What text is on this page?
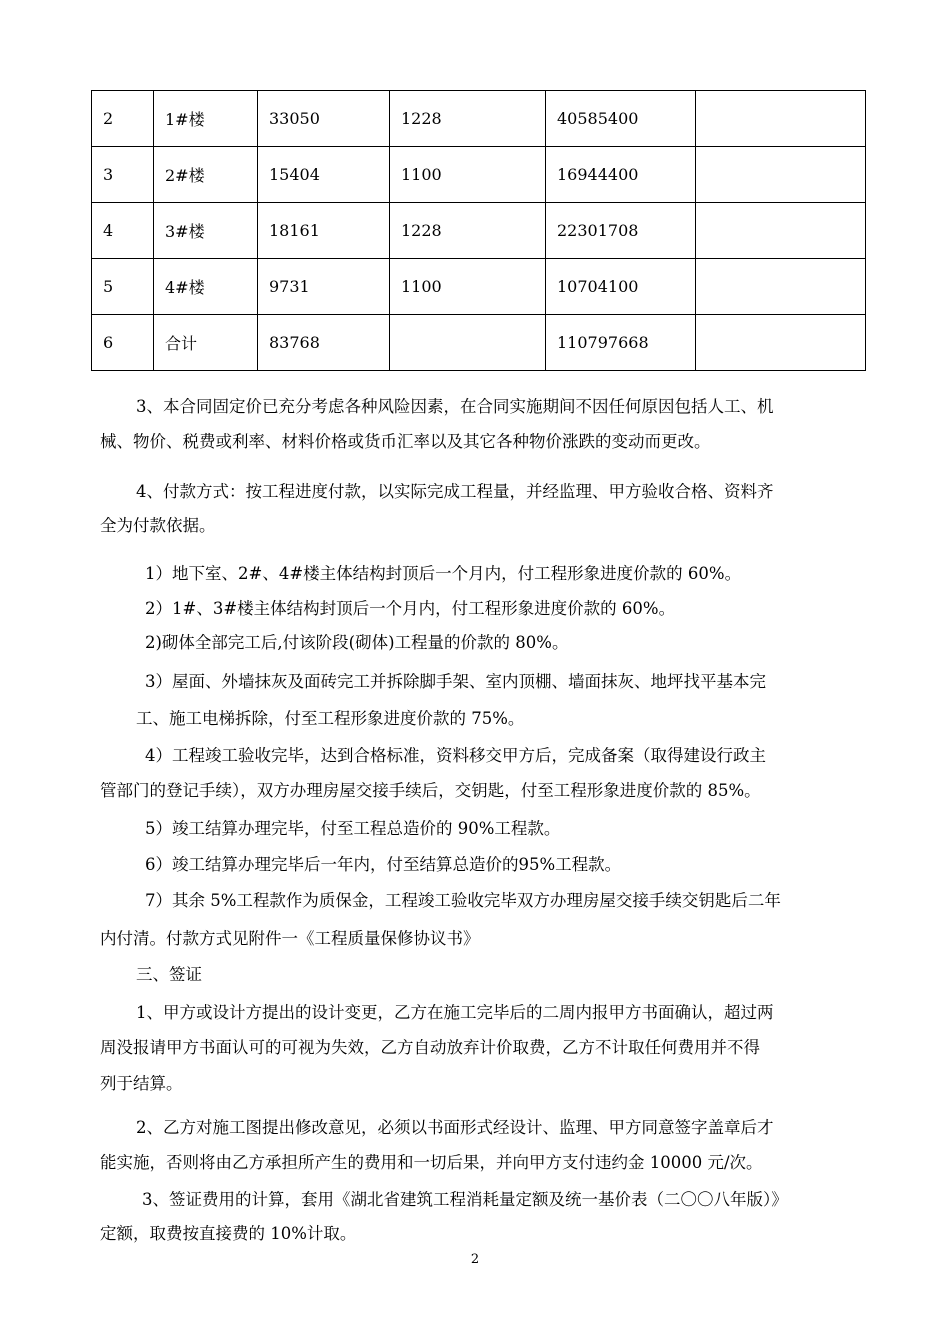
2	1#楼	33050	1228	40585400	
3	2#楼	15404	1100	16944400	
4	3#楼	18161	1228	22301708	
5	4#楼	9731	1100	10704100	
6	合计	83768		110797668	
3、本合同固定价已充分考虑各种风险因素，在合同实施期间不因任何原因包括人工、机
械、物价、税费或利率、材料价格或货币汇率以及其它各种物价涨跌的变动而更改。
4、付款方式：按工程进度付款，以实际完成工程量，并经监理、甲方验收合格、资料齐
全为付款依据。
1）地下室、2#、4#楼主体结构封顶后一个月内，付工程形象进度价款的 60%。
2）1#、3#楼主体结构封顶后一个月内，付工程形象进度价款的 60%。
2)砌体全部完工后,付该阶段(砌体)工程量的价款的 80%。
3）屋面、外墙抹灰及面砖完工并拆除脚手架、室内顶棚、墙面抹灰、地坪找平基本完
工、施工电梯拆除，付至工程形象进度价款的 75%。
4）工程竣工验收完毕，达到合格标准，资料移交甲方后，完成备案（取得建设行政主
管部门的登记手续），双方办理房屋交接手续后，交钥匙，付至工程形象进度价款的 85%。
5）竣工结算办理完毕，付至工程总造价的 90%工程款。
6）竣工结算办理完毕后一年内，付至结算总造价的95%工程款。
7）其余 5%工程款作为质保金，工程竣工验收完毕双方办理房屋交接手续交钥匙后二年
内付清。付款方式见附件一《工程质量保修协议书》
三、签证
1、甲方或设计方提出的设计变更，乙方在施工完毕后的二周内报甲方书面确认，超过两
周没报请甲方书面认可的可视为失效，乙方自动放弃计价取费，乙方不计取任何费用并不得
列于结算。
2、乙方对施工图提出修改意见，必须以书面形式经设计、监理、甲方同意签字盖章后才
能实施，否则将由乙方承担所产生的费用和一切后果，并向甲方支付违约金 10000 元/次。
3、签证费用的计算，套用《湖北省建筑工程消耗量定额及统一基价表（二〇〇八年版）》
定额，取费按直接费的 10%计取。
2
